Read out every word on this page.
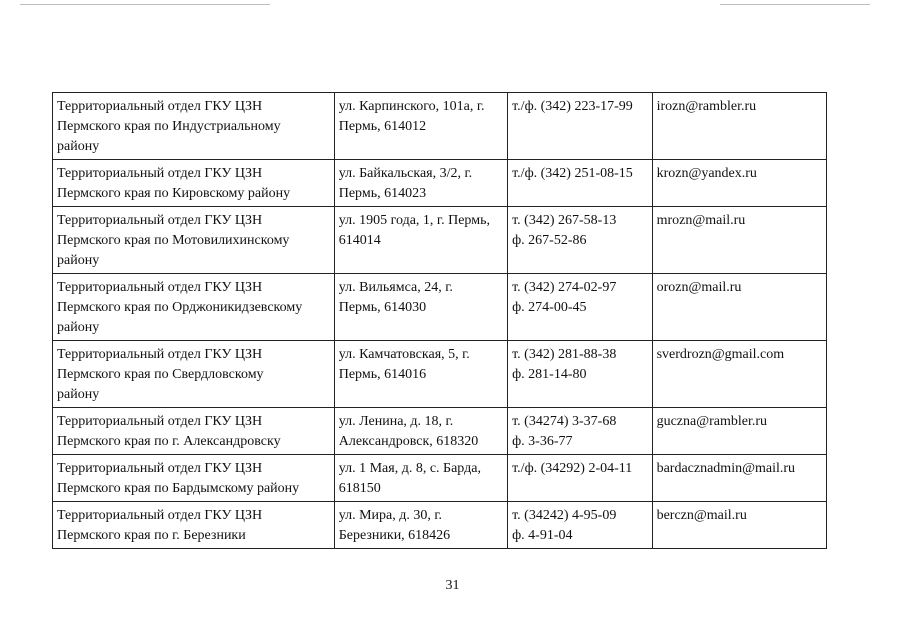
Территориальный отдел ГКУ ЦЗН
Пермского края по Индустриальному
району	ул. Карпинского, 101а, г.
Пермь, 614012	т./ф. (342) 223-17-99	irozn@rambler.ru

Территориальный отдел ГКУ ЦЗН
Пермского края по Кировскому району	ул. Байкальская, 3/2, г.
Пермь, 614023	т./ф. (342) 251-08-15	krozn@yandex.ru

Территориальный отдел ГКУ ЦЗН
Пермского края по Мотовилихинскому
району	ул. 1905 года, 1, г. Пермь,
614014	т. (342) 267-58-13
ф. 267-52-86	mrozn@mail.ru

Территориальный отдел ГКУ ЦЗН
Пермского края по Орджоникидзевскому
району	ул. Вильямса, 24, г.
Пермь, 614030	т. (342) 274-02-97
ф. 274-00-45	orozn@mail.ru

Территориальный отдел ГКУ ЦЗН
Пермского края по Свердловскому
району	ул. Камчатовская, 5, г.
Пермь, 614016	т. (342) 281-88-38
ф. 281-14-80	sverdrozn@gmail.com

Территориальный отдел ГКУ ЦЗН
Пермского края по г. Александровску	ул. Ленина, д. 18, г.
Александровск, 618320	т. (34274) 3-37-68
ф. 3-36-77	guczna@rambler.ru

Территориальный отдел ГКУ ЦЗН
Пермского края по Бардымскому району	ул. 1 Мая, д. 8, с. Барда,
618150	т./ф. (34292) 2-04-11	bardacznadmin@mail.ru

Территориальный отдел ГКУ ЦЗН
Пермского края по г. Березники	ул. Мира, д. 30, г.
Березники, 618426	т. (34242) 4-95-09
ф. 4-91-04	berczn@mail.ru
31
